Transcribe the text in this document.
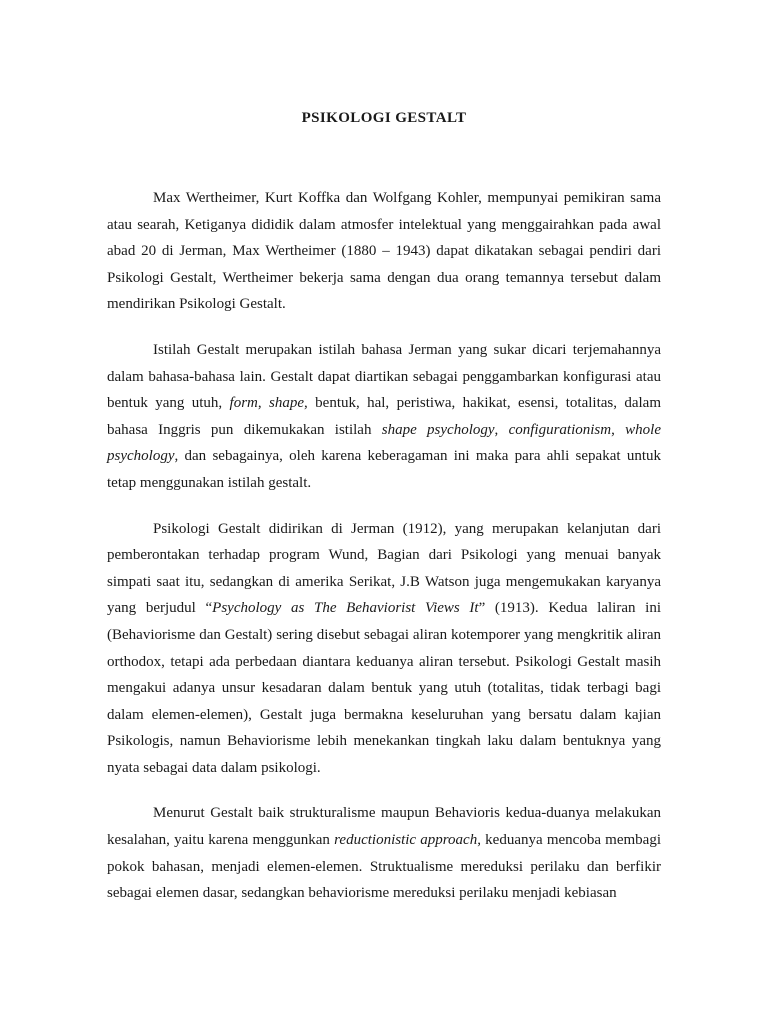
PSIKOLOGI GESTALT

Max Wertheimer, Kurt Koffka dan Wolfgang Kohler, mempunyai pemikiran sama atau searah, Ketiganya dididik dalam atmosfer intelektual yang menggairahkan pada awal abad 20 di Jerman, Max Wertheimer (1880 – 1943) dapat dikatakan sebagai pendiri dari Psikologi Gestalt, Wertheimer bekerja sama dengan dua orang temannya tersebut dalam mendirikan Psikologi Gestalt.

Istilah Gestalt merupakan istilah bahasa Jerman yang sukar dicari terjemahannya dalam bahasa-bahasa lain. Gestalt dapat diartikan sebagai penggambarkan konfigurasi atau bentuk yang utuh, form, shape, bentuk, hal, peristiwa, hakikat, esensi, totalitas, dalam bahasa Inggris pun dikemukakan istilah shape psychology, configurationism, whole psychology, dan sebagainya, oleh karena keberagaman ini maka para ahli sepakat untuk tetap menggunakan istilah gestalt.

Psikologi Gestalt didirikan di Jerman (1912), yang merupakan kelanjutan dari pemberontakan terhadap program Wund, Bagian dari Psikologi yang menuai banyak simpati saat itu, sedangkan di amerika Serikat, J.B Watson juga mengemukakan karyanya yang berjudul “Psychology as The Behaviorist Views It” (1913). Kedua laliran ini (Behaviorisme dan Gestalt) sering disebut sebagai aliran kotemporer yang mengkritik aliran orthodox, tetapi ada perbedaan diantara keduanya aliran tersebut. Psikologi Gestalt masih mengakui adanya unsur kesadaran dalam bentuk yang utuh (totalitas, tidak terbagi bagi dalam elemen-elemen), Gestalt juga bermakna keseluruhan yang bersatu dalam kajian Psikologis, namun Behaviorisme lebih menekankan tingkah laku dalam bentuknya yang nyata sebagai data dalam psikologi.

Menurut Gestalt baik strukturalisme maupun Behavioris kedua-duanya melakukan kesalahan, yaitu karena menggunkan reductionistic approach, keduanya mencoba membagi pokok bahasan, menjadi elemen-elemen. Struktualisme mereduksi perilaku dan berfikir sebagai elemen dasar, sedangkan behaviorisme mereduksi perilaku menjadi kebiasan
